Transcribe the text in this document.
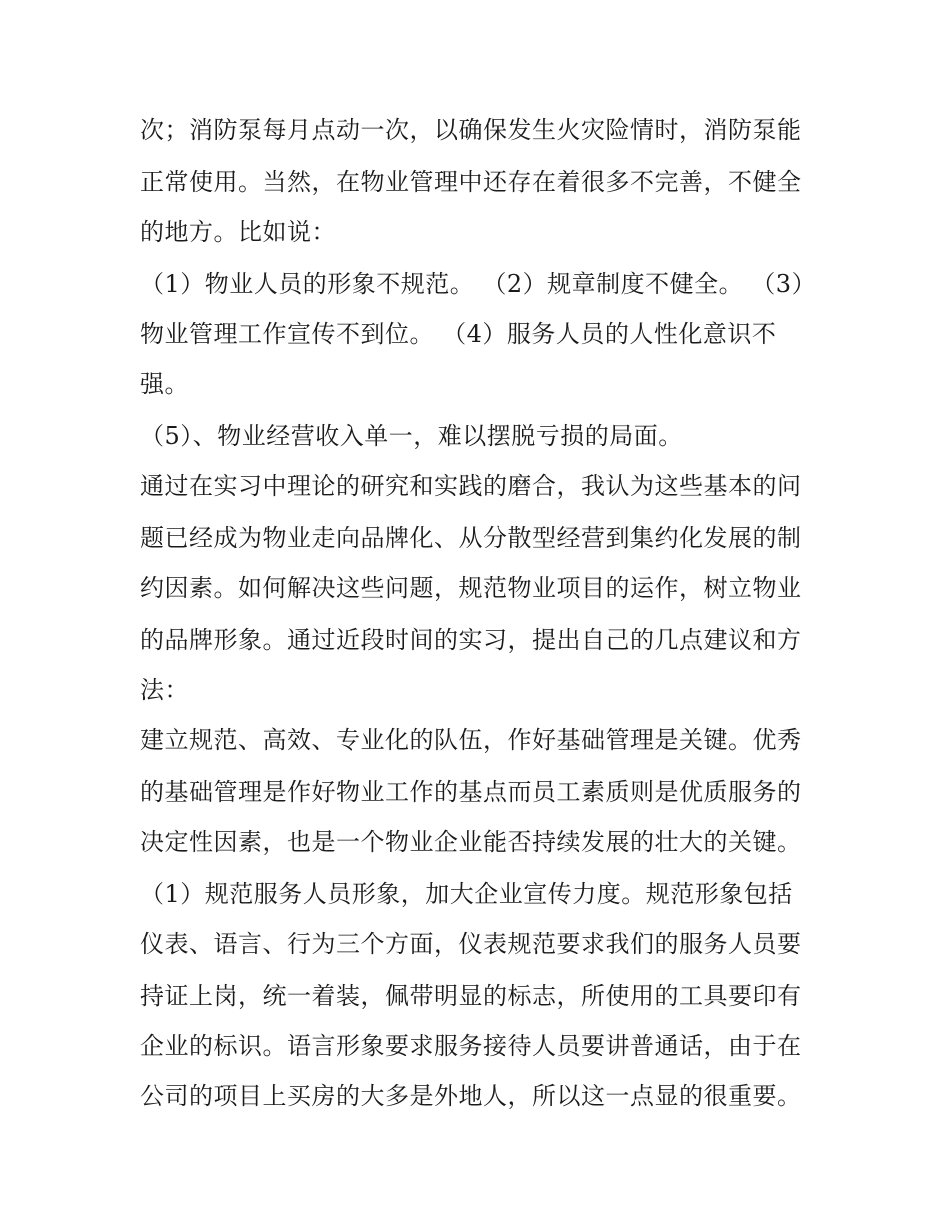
次；消防泵每月点动一次，以确保发生火灾险情时，消防泵能

正常使用。当然，在物业管理中还存在着很多不完善，不健全

的地方。比如说：

（1）物业人员的形象不规范。 （2）规章制度不健全。 （3）

物业管理工作宣传不到位。 （4）服务人员的人性化意识不

强。

（5）、物业经营收入单一，难以摆脱亏损的局面。

通过在实习中理论的研究和实践的磨合，我认为这些基本的问

题已经成为物业走向品牌化、从分散型经营到集约化发展的制

约因素。如何解决这些问题，规范物业项目的运作，树立物业

的品牌形象。通过近段时间的实习，提出自己的几点建议和方

法：

建立规范、高效、专业化的队伍，作好基础管理是关键。优秀

的基础管理是作好物业工作的基点而员工素质则是优质服务的

决定性因素，也是一个物业企业能否持续发展的壮大的关键。

（1）规范服务人员形象，加大企业宣传力度。规范形象包括

仪表、语言、行为三个方面，仪表规范要求我们的服务人员要

持证上岗，统一着装，佩带明显的标志，所使用的工具要印有

企业的标识。语言形象要求服务接待人员要讲普通话，由于在

公司的项目上买房的大多是外地人，所以这一点显的很重要。
